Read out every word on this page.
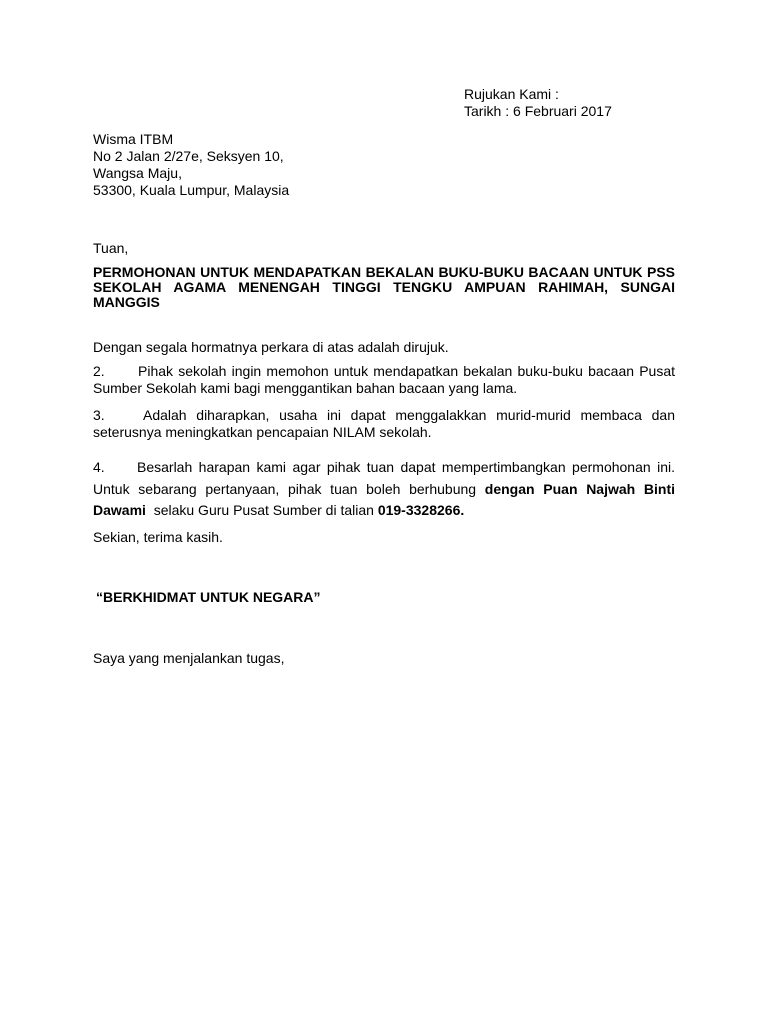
Rujukan Kami :
Tarikh : 6 Februari 2017
Wisma ITBM
No 2 Jalan 2/27e, Seksyen 10,
Wangsa Maju,
53300, Kuala Lumpur, Malaysia
Tuan,
PERMOHONAN UNTUK MENDAPATKAN BEKALAN BUKU-BUKU BACAAN UNTUK PSS
SEKOLAH AGAMA MENENGAH TINGGI TENGKU AMPUAN RAHIMAH, SUNGAI
MANGGIS
Dengan segala hormatnya perkara di atas adalah dirujuk.
2. Pihak sekolah ingin memohon untuk mendapatkan bekalan buku-buku bacaan Pusat
Sumber Sekolah kami bagi menggantikan bahan bacaan yang lama.
3.	Adalah diharapkan, usaha ini dapat menggalakkan murid-murid membaca dan
seterusnya meningkatkan pencapaian NILAM sekolah.
4. Besarlah harapan kami agar pihak tuan dapat mempertimbangkan permohonan ini.
Untuk sebarang pertanyaan, pihak tuan boleh berhubung dengan Puan Najwah Binti
Dawami selaku Guru Pusat Sumber di talian 019-3328266.
Sekian, terima kasih.
“BERKHIDMAT UNTUK NEGARA”
Saya yang menjalankan tugas,
